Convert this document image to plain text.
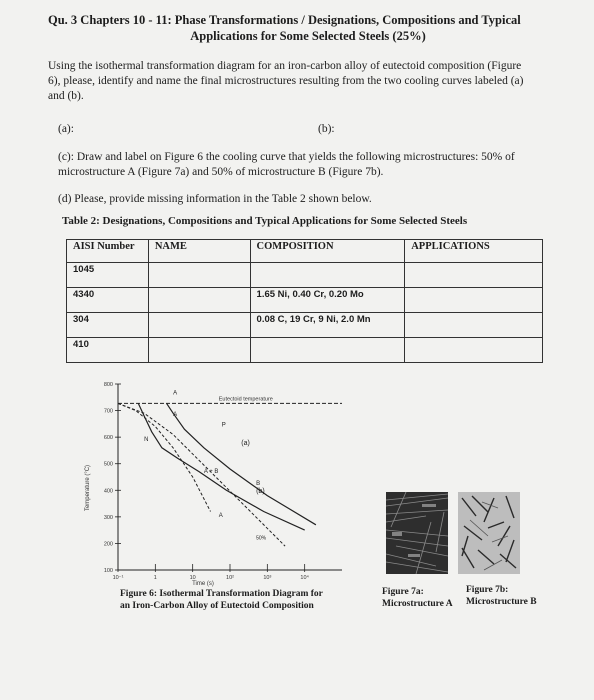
Qu. 3 Chapters 10 - 11: Phase Transformations / Designations, Compositions and Typical
Applications for Some Selected Steels (25%)
Using the isothermal transformation diagram for an iron-carbon alloy of eutectoid composition (Figure
6), please, identify and name the final microstructures resulting from the two cooling curves labeled (a)
and (b).
(a):	(b):
(c): Draw and label on Figure 6 the cooling curve that yields the following microstructures: 50% of
microstructure A (Figure 7a) and 50% of microstructure B (Figure 7b).
(d) Please, provide missing information in the Table 2 shown below.
Table 2: Designations, Compositions and Typical Applications for Some Selected Steels
AISI Number	NAME	COMPOSITION	APPLICATIONS
1045			
4340		1.65 Ni, 0.40 Cr, 0.20 Mo	
304		0.08 C, 19 Cr, 9 Ni, 2.0 Mn	
410			
Temperature (°C)
Time (s)
100
200
300
400
500
600
700
800
10⁻¹	1	10	10²	10³	10⁴
Eutectoid temperature
A
A
P
N
A + B
B
A
(a)
(b)
50%
Figure 6: Isothermal Transformation Diagram for
an Iron-Carbon Alloy of Eutectoid Composition
Figure 7a:
Microstructure A
Figure 7b:
Microstructure B
